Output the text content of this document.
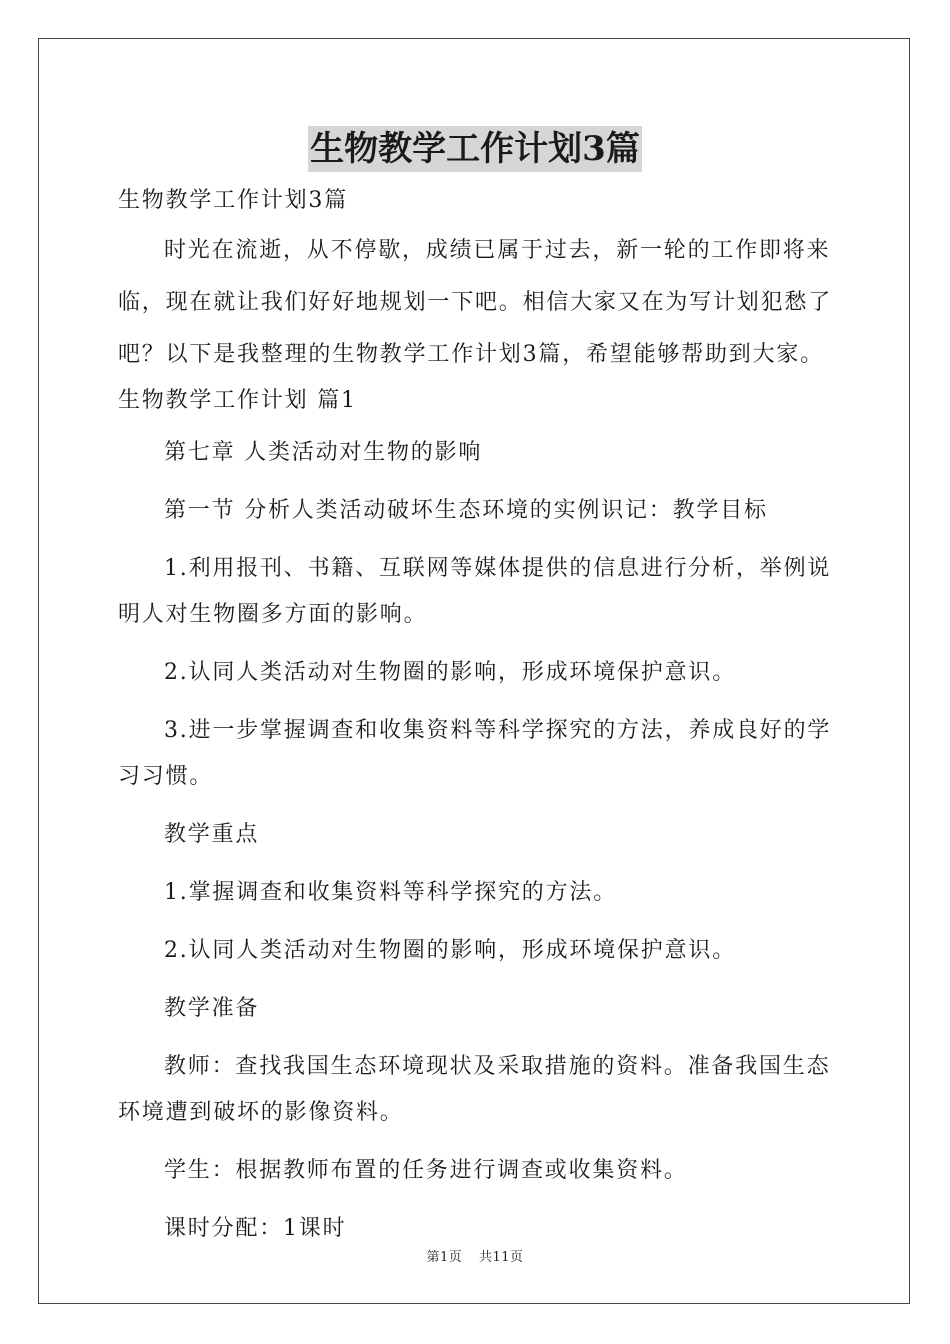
生物教学工作计划3篇

生物教学工作计划3篇

时光在流逝，从不停歇，成绩已属于过去，新一轮的工作即将来

临，现在就让我们好好地规划一下吧。相信大家又在为写计划犯愁了

吧？以下是我整理的生物教学工作计划3篇，希望能够帮助到大家。

生物教学工作计划 篇1

第七章 人类活动对生物的影响

第一节 分析人类活动破坏生态环境的实例识记：教学目标

1.利用报刊、书籍、互联网等媒体提供的信息进行分析，举例说

明人对生物圈多方面的影响。

2.认同人类活动对生物圈的影响，形成环境保护意识。

3.进一步掌握调查和收集资料等科学探究的方法，养成良好的学

习习惯。

教学重点

1.掌握调查和收集资料等科学探究的方法。

2.认同人类活动对生物圈的影响，形成环境保护意识。

教学准备

教师：查找我国生态环境现状及采取措施的资料。准备我国生态

环境遭到破坏的影像资料。

学生：根据教师布置的任务进行调查或收集资料。

课时分配：1课时

第1页 共11页
